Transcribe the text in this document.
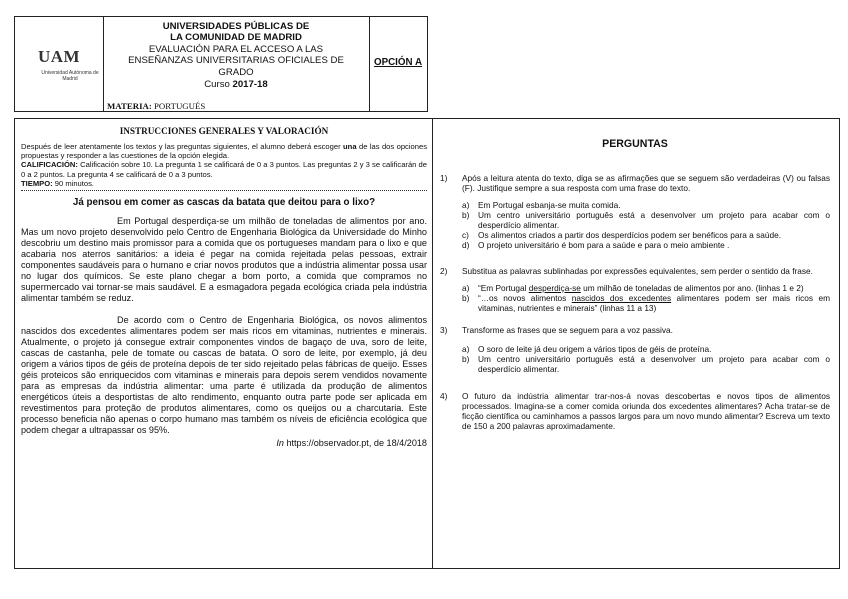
UAM
Universidad Autónoma de Madrid
UNIVERSIDADES PÚBLICAS DE
LA COMUNIDAD DE MADRID
EVALUACIÓN PARA EL ACCESO A LAS
ENSEÑANZAS UNIVERSITARIAS OFICIALES DE
GRADO
Curso 2017-18
MATERIA: PORTUGUÉS
OPCIÓN A
INSTRUCCIONES GENERALES Y VALORACIÓN
Después de leer atentamente los textos y las preguntas siguientes, el alumno deberá escoger una de las dos opciones propuestas y responder a las cuestiones de la opción elegida.
CALIFICACIÓN: Calificación sobre 10. La pregunta 1 se calificará de 0 a 3 puntos. Las preguntas 2 y 3 se calificarán de 0 a 2 puntos. La pregunta 4 se calificará de 0 a 3 puntos.
TIEMPO: 90 minutos.
Já pensou em comer as cascas da batata que deitou para o lixo?
Em Portugal desperdiça-se um milhão de toneladas de alimentos por ano. Mas um novo projeto desenvolvido pelo Centro de Engenharia Biológica da Universidade do Minho descobriu um destino mais promissor para a comida que os portugueses mandam para o lixo e que acabaria nos aterros sanitários: a ideia é pegar na comida rejeitada pelas pessoas, extrair componentes saudáveis para o humano e criar novos produtos que a indústria alimentar possa usar no lugar dos químicos. Se este plano chegar a bom porto, a comida que compramos no supermercado vai tornar-se mais saudável. E a esmagadora pegada ecológica criada pela indústria alimentar também se reduz.
De acordo com o Centro de Engenharia Biológica, os novos alimentos nascidos dos excedentes alimentares podem ser mais ricos em vitaminas, nutrientes e minerais. Atualmente, o projeto já consegue extrair componentes vindos de bagaço de uva, soro de leite, cascas de castanha, pele de tomate ou cascas de batata. O soro de leite, por exemplo, já deu origem a vários tipos de géis de proteína depois de ter sido rejeitado pelas fábricas de queijo. Esses géis proteicos são enriquecidos com vitaminas e minerais para depois serem vendidos novamente para as empresas da indústria alimentar: uma parte é utilizada da produção de alimentos energéticos úteis a desportistas de alto rendimento, enquanto outra parte pode ser aplicada em revestimentos para proteção de produtos alimentares, como os queijos ou a charcutaria. Este processo beneficia não apenas o corpo humano mas também os níveis de eficiência ecológica que podem chegar a ultrapassar os 95%.
In https://observador.pt, de 18/4/2018
PERGUNTAS
1)	Após a leitura atenta do texto, diga se as afirmações que se seguem são verdadeiras (V) ou falsas (F). Justifique sempre a sua resposta com uma frase do texto.
a)	Em Portugal esbanja-se muita comida.
b)	Um centro universitário português está a desenvolver um projeto para acabar com o desperdício alimentar.
c)	Os alimentos criados a partir dos desperdícios podem ser benéficos para a saúde.
d)	O projeto universitário é bom para a saúde e para o meio ambiente .
2)	Substitua as palavras sublinhadas por expressões equivalentes, sem perder o sentido da frase.
a)	“Em Portugal desperdiça-se um milhão de toneladas de alimentos por ano. (linhas 1 e 2)
b)	“…os novos alimentos nascidos dos excedentes alimentares podem ser mais ricos em vitaminas, nutrientes e minerais” (linhas 11 a 13)
3)	Transforme as frases que se seguem para a voz passiva.
a)	O soro de leite já deu origem a vários tipos de géis de proteína.
b)	Um centro universitário português está a desenvolver um projeto para acabar com o desperdício alimentar.
4)	O futuro da indústria alimentar trar-nos-á novas descobertas e novos tipos de alimentos processados. Imagina-se a comer comida oriunda dos excedentes alimentares? Acha tratar-se de ficção científica ou caminhamos a passos largos para um novo mundo alimentar? Escreva um texto de 150 a 200 palavras aproximadamente.
